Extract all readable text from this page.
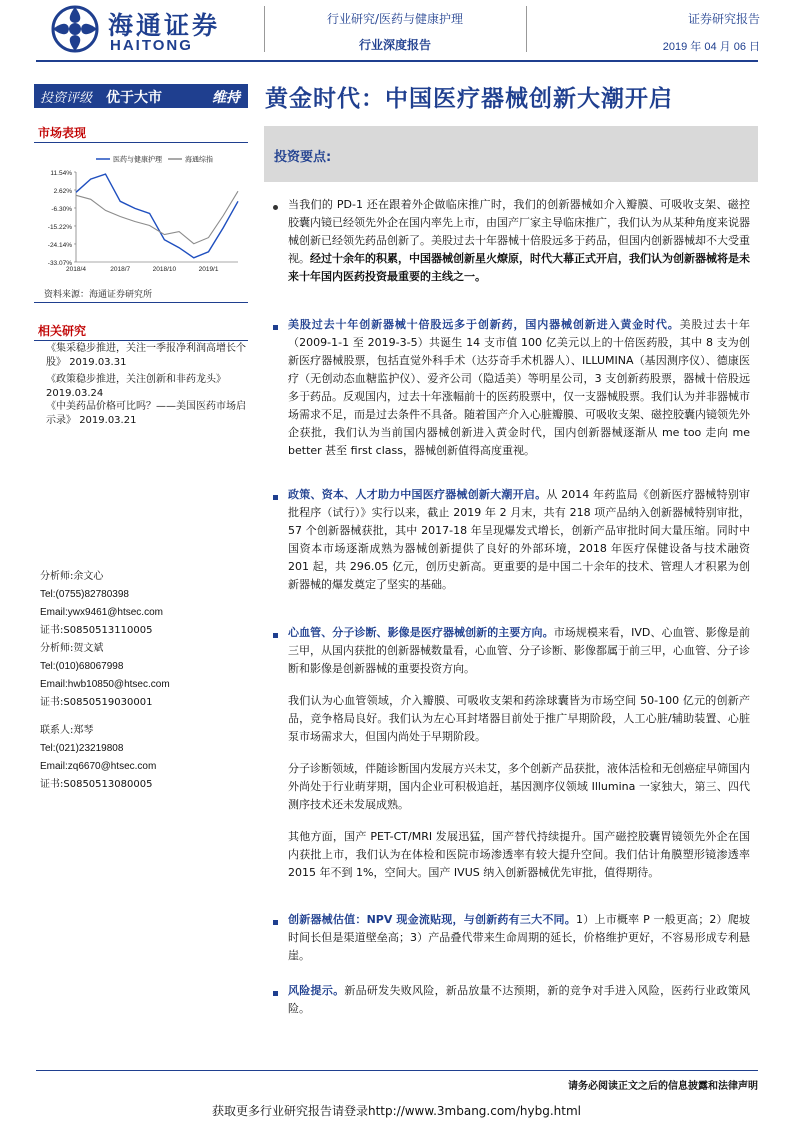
海通证券
HAITONG
行业研究/医药与健康护理
行业深度报告
证券研究报告
2019 年 04 月 06 日
投资评级 优于大市	维持 黄金时代：中国医疗器械创新大潮开启
市场表现
11.54%
2.62%
-6.30%
-15.22%
-24.14%
-33.07%
2018/4	2018/7	2018/10	2019/1
医药与健康护理	海通综指
资料来源：海通证券研究所
相关研究
《集采稳步推进，关注一季报净利润高增长个股》 2019.03.31
《政策稳步推进，关注创新和非药龙头》 2019.03.24
《中美药品价格可比吗？——美国医药市场启示录》 2019.03.21
分析师:余文心
Tel:(0755)82780398
Email:ywx9461@htsec.com
证书:S0850513110005
分析师:贺文斌
Tel:(010)68067998
Email:hwb10850@htsec.com
证书:S0850519030001
联系人:郑琴
Tel:(021)23219808
Email:zq6670@htsec.com
证书:S0850513080005
投资要点:
当我们的 PD-1 还在跟着外企做临床推广时，我们的创新器械如介入瓣膜、可吸收支架、磁控胶囊内镜已经领先外企在国内率先上市，由国产厂家主导临床推广，我们认为从某种角度来说器械创新已经领先药品创新了。美股过去十年器械十倍股远多于药品，但国内创新器械却不大受重视。经过十余年的积累，中国器械创新星火燎原，时代大幕正式开启，我们认为创新器械将是未来十年国内医药投资最重要的主线之一。
美股过去十年创新器械十倍股远多于创新药，国内器械创新进入黄金时代。美股过去十年（2009-1-1 至 2019-3-5）共诞生 14 支市值 100 亿美元以上的十倍医药股，其中 8 支为创新医疗器械股票，包括直觉外科手术（达芬奇手术机器人）、ILLUMINA（基因测序仪）、德康医疗（无创动态血糖监护仪）、爱齐公司（隐适美）等明星公司，3 支创新药股票，器械十倍股远多于药品。反观国内，过去十年涨幅前十的医药股票中，仅一支器械股票。我们认为并非器械市场需求不足，而是过去条件不具备。随着国产介入心脏瓣膜、可吸收支架、磁控胶囊内镜领先外企获批，我们认为当前国内器械创新进入黄金时代，国内创新器械逐渐从 me too 走向 me better 甚至 first class，器械创新值得高度重视。
政策、资本、人才助力中国医疗器械创新大潮开启。从 2014 年药监局《创新医疗器械特别审批程序（试行）》实行以来，截止 2019 年 2 月末，共有 218 项产品纳入创新器械特别审批，57 个创新器械获批，其中 2017-18 年呈现爆发式增长，创新产品审批时间大量压缩。同时中国资本市场逐渐成熟为器械创新提供了良好的外部环境，2018 年医疗保健设备与技术融资 201 起，共 296.05 亿元，创历史新高。更重要的是中国二十余年的技术、管理人才积累为创新器械的爆发奠定了坚实的基础。
心血管、分子诊断、影像是医疗器械创新的主要方向。市场规模来看，IVD、心血管、影像是前三甲，从国内获批的创新器械数量看，心血管、分子诊断、影像都属于前三甲，心血管、分子诊断和影像是创新器械的重要投资方向。
我们认为心血管领域，介入瓣膜、可吸收支架和药涂球囊皆为市场空间 50-100 亿元的创新产品，竞争格局良好。我们认为左心耳封堵器目前处于推广早期阶段，人工心脏/辅助装置、心脏泵市场需求大，但国内尚处于早期阶段。
分子诊断领域，伴随诊断国内发展方兴未艾，多个创新产品获批，液体活检和无创癌症早筛国内外尚处于行业萌芽期，国内企业可积极追赶，基因测序仪领域 Illumina 一家独大，第三、四代测序技术还未发展成熟。
其他方面，国产 PET-CT/MRI 发展迅猛，国产替代持续提升。国产磁控胶囊胃镜领先外企在国内获批上市，我们认为在体检和医院市场渗透率有较大提升空间。我们估计角膜塑形镜渗透率 2015 年不到 1%，空间大。国产 IVUS 纳入创新器械优先审批，值得期待。
创新器械估值：NPV 现金流贴现，与创新药有三大不同。1）上市概率 P 一般更高；2）爬坡时间长但是渠道壁垒高；3）产品叠代带来生命周期的延长，价格维护更好，不容易形成专利悬崖。
风险提示。新品研发失败风险，新品放量不达预期，新的竞争对手进入风险，医药行业政策风险。
请务必阅读正文之后的信息披露和法律声明
获取更多行业研究报告请登录http://www.3mbang.com/hybg.html
